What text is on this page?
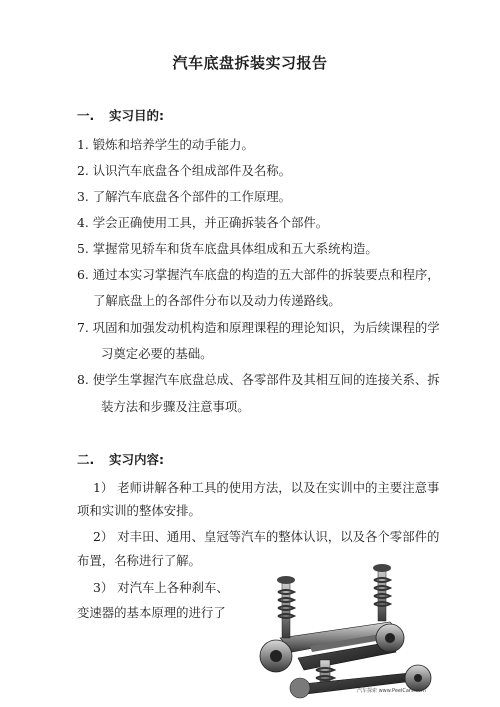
汽车底盘拆装实习报告
一. 实习目的:
1. 锻炼和培养学生的动手能力。
2. 认识汽车底盘各个组成部件及名称。
3. 了解汽车底盘各个部件的工作原理。
4. 学会正确使用工具，并正确拆装各个部件。
5. 掌握常见轿车和货车底盘具体组成和五大系统构造。
6. 通过本实习掌握汽车底盘的构造的五大部件的拆装要点和程序，
了解底盘上的各部件分布以及动力传递路线。
7. 巩固和加强发动机构造和原理课程的理论知识，为后续课程的学
习奠定必要的基础。
8. 使学生掌握汽车底盘总成、各零部件及其相互间的连接关系、拆
装方法和步骤及注意事项。
二. 实习内容:
1） 老师讲解各种工具的使用方法，以及在实训中的主要注意事
项和实训的整体安排。
2） 对丰田、通用、皇冠等汽车的整体认识，以及各个零部件的
布置，名称进行了解。
3） 对汽车上各种刹车、
变速器的基本原理的进行了
汽车探索 www.PeelCars.com
